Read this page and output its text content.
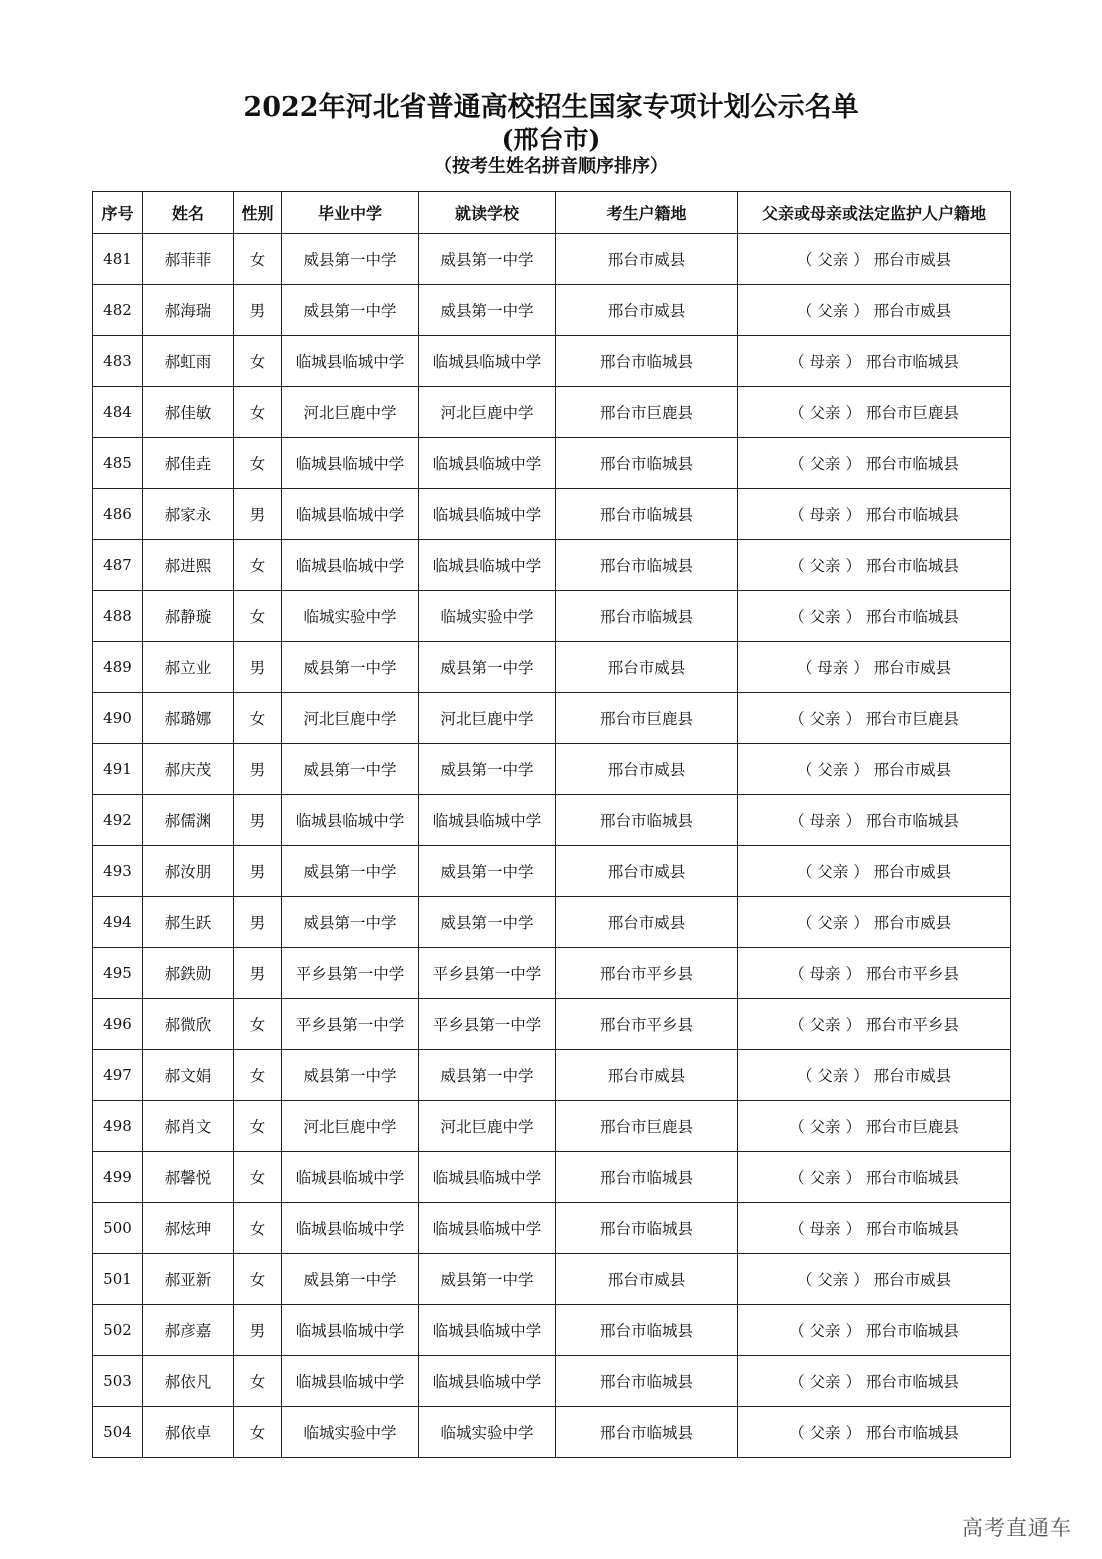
2022年河北省普通高校招生国家专项计划公示名单
(邢台市)
（按考生姓名拼音顺序排序）
序号	姓名	性别	毕业中学	就读学校	考生户籍地	父亲或母亲或法定监护人户籍地
481	郝菲菲	女	威县第一中学	威县第一中学	邢台市威县	（ 父亲 ） 邢台市威县
482	郝海瑞	男	威县第一中学	威县第一中学	邢台市威县	（ 父亲 ） 邢台市威县
483	郝虹雨	女	临城县临城中学	临城县临城中学	邢台市临城县	（ 母亲 ） 邢台市临城县
484	郝佳敏	女	河北巨鹿中学	河北巨鹿中学	邢台市巨鹿县	（ 父亲 ） 邢台市巨鹿县
485	郝佳垚	女	临城县临城中学	临城县临城中学	邢台市临城县	（ 父亲 ） 邢台市临城县
486	郝家永	男	临城县临城中学	临城县临城中学	邢台市临城县	（ 母亲 ） 邢台市临城县
487	郝进熙	女	临城县临城中学	临城县临城中学	邢台市临城县	（ 父亲 ） 邢台市临城县
488	郝静璇	女	临城实验中学	临城实验中学	邢台市临城县	（ 父亲 ） 邢台市临城县
489	郝立业	男	威县第一中学	威县第一中学	邢台市威县	（ 母亲 ） 邢台市威县
490	郝璐娜	女	河北巨鹿中学	河北巨鹿中学	邢台市巨鹿县	（ 父亲 ） 邢台市巨鹿县
491	郝庆茂	男	威县第一中学	威县第一中学	邢台市威县	（ 父亲 ） 邢台市威县
492	郝儒渊	男	临城县临城中学	临城县临城中学	邢台市临城县	（ 母亲 ） 邢台市临城县
493	郝汝朋	男	威县第一中学	威县第一中学	邢台市威县	（ 父亲 ） 邢台市威县
494	郝生跃	男	威县第一中学	威县第一中学	邢台市威县	（ 父亲 ） 邢台市威县
495	郝鉄勋	男	平乡县第一中学	平乡县第一中学	邢台市平乡县	（ 母亲 ） 邢台市平乡县
496	郝微欣	女	平乡县第一中学	平乡县第一中学	邢台市平乡县	（ 父亲 ） 邢台市平乡县
497	郝文娟	女	威县第一中学	威县第一中学	邢台市威县	（ 父亲 ） 邢台市威县
498	郝肖文	女	河北巨鹿中学	河北巨鹿中学	邢台市巨鹿县	（ 父亲 ） 邢台市巨鹿县
499	郝馨悦	女	临城县临城中学	临城县临城中学	邢台市临城县	（ 父亲 ） 邢台市临城县
500	郝炫珅	女	临城县临城中学	临城县临城中学	邢台市临城县	（ 母亲 ） 邢台市临城县
501	郝亚新	女	威县第一中学	威县第一中学	邢台市威县	（ 父亲 ） 邢台市威县
502	郝彦嘉	男	临城县临城中学	临城县临城中学	邢台市临城县	（ 父亲 ） 邢台市临城县
503	郝依凡	女	临城县临城中学	临城县临城中学	邢台市临城县	（ 父亲 ） 邢台市临城县
504	郝依卓	女	临城实验中学	临城实验中学	邢台市临城县	（ 父亲 ） 邢台市临城县
高考直通车
